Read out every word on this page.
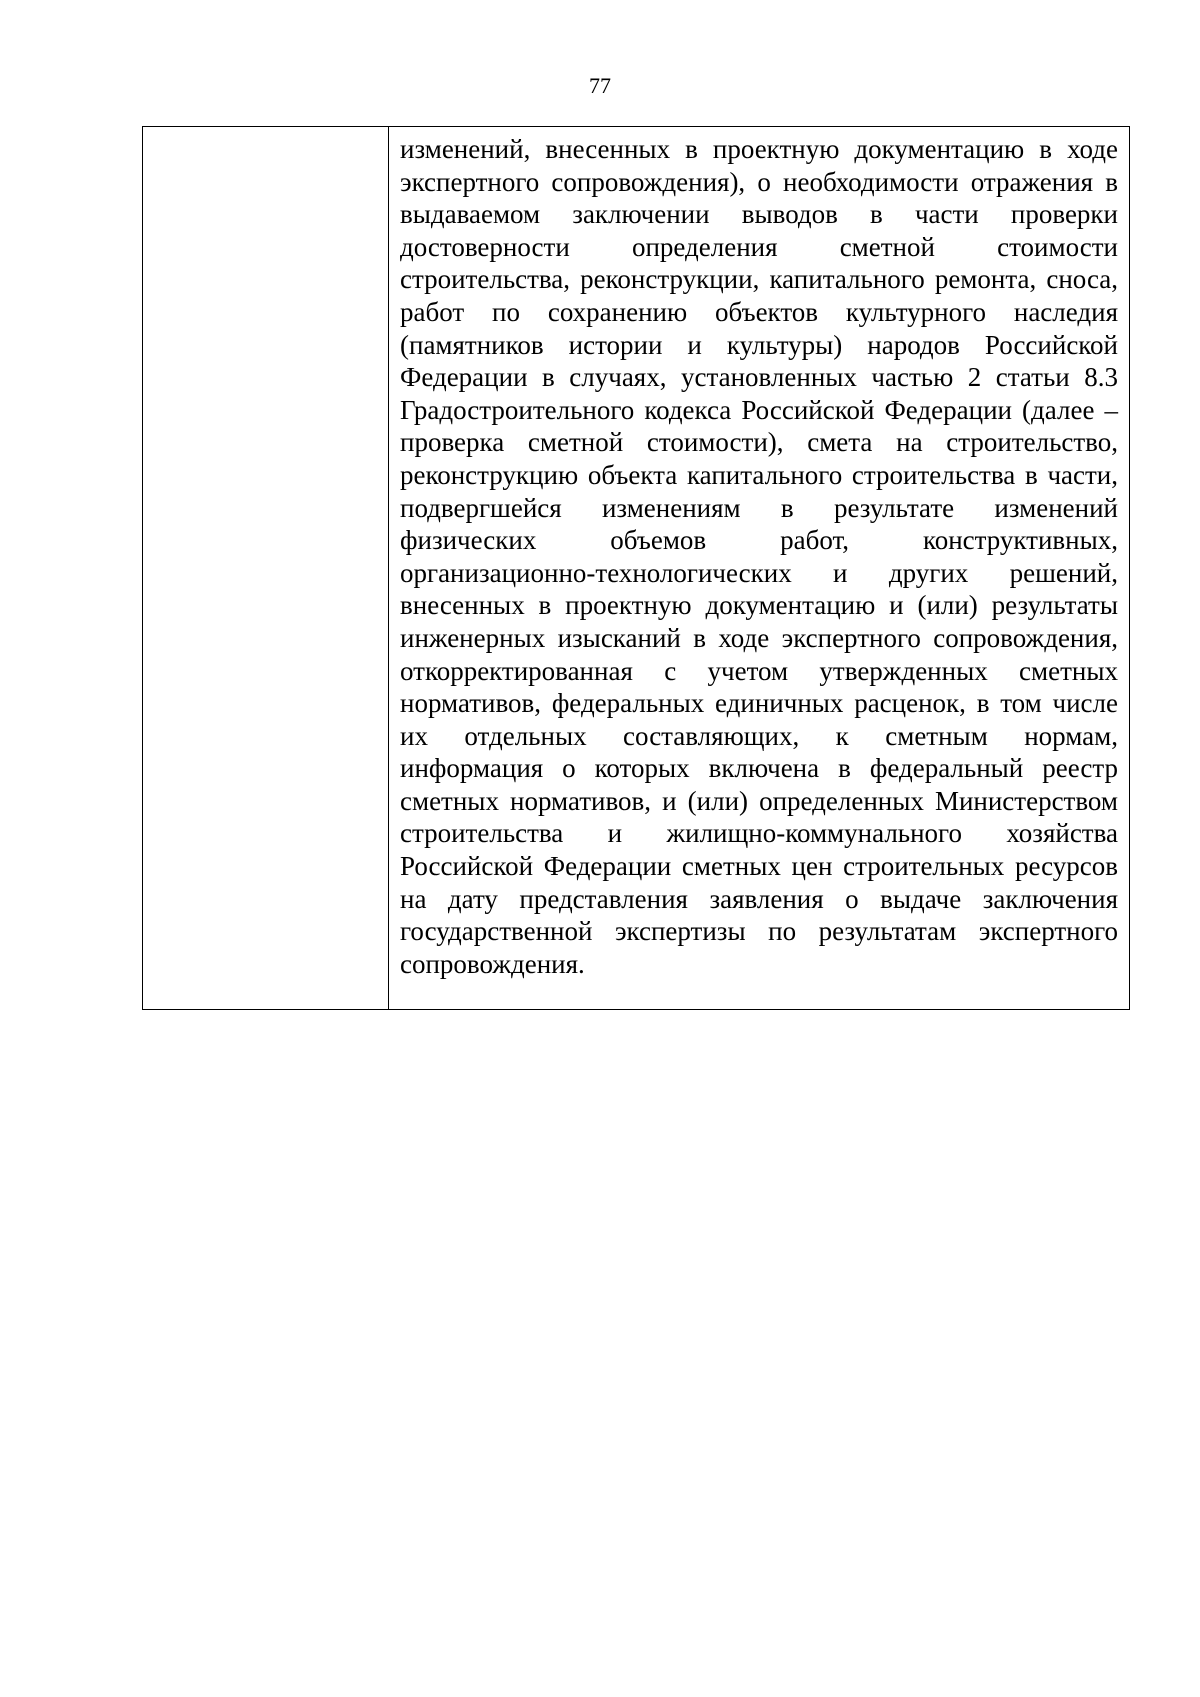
77

изменений, внесенных в проектную документацию в ходе экспертного сопровождения), о необходимости отражения в выдаваемом заключении выводов в части проверки достоверности определения сметной стоимости строительства, реконструкции, капитального ремонта, сноса, работ по сохранению объектов культурного наследия (памятников истории и культуры) народов Российской Федерации в случаях, установленных частью 2 статьи 8.3 Градостроительного кодекса Российской Федерации (далее – проверка сметной стоимости), смета на строительство, реконструкцию объекта капитального строительства в части, подвергшейся изменениям в результате изменений физических объемов работ, конструктивных, организационно-технологических и других решений, внесенных в проектную документацию и (или) результаты инженерных изысканий в ходе экспертного сопровождения, откорректированная с учетом утвержденных сметных нормативов, федеральных единичных расценок, в том числе их отдельных составляющих, к сметным нормам, информация о которых включена в федеральный реестр сметных нормативов, и (или) определенных Министерством строительства и жилищно-коммунального хозяйства Российской Федерации сметных цен строительных ресурсов на дату представления заявления о выдаче заключения государственной экспертизы по результатам экспертного сопровождения.
